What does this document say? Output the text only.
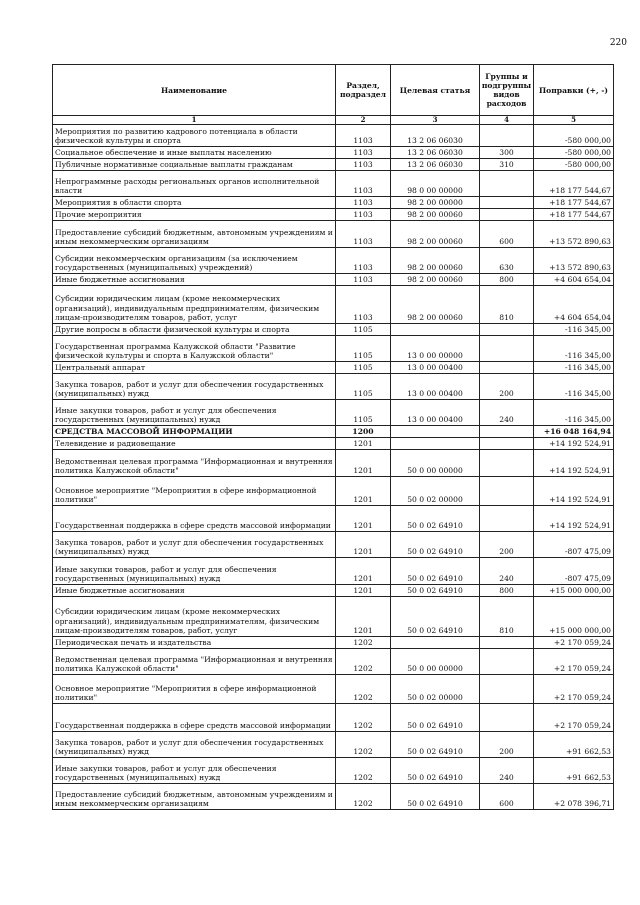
220
Наименование	Раздел, подраздел	Целевая статья	Группы и подгруппы видов расходов	Поправки (+, -)
1	2	3	4	5
Мероприятия по развитию кадрового потенциала в области физической культуры и спорта	1103	13 2 06 06030		-580 000,00
Социальное обеспечение и иные выплаты населению	1103	13 2 06 06030	300	-580 000,00
Публичные нормативные социальные выплаты гражданам	1103	13 2 06 06030	310	-580 000,00
Непрограммные расходы региональных органов исполнительной власти	1103	98 0 00 00000		+18 177 544,67
Мероприятия в области спорта	1103	98 2 00 00000		+18 177 544,67
Прочие мероприятия	1103	98 2 00 00060		+18 177 544,67
Предоставление субсидий бюджетным, автономным учреждениям и иным некоммерческим организациям	1103	98 2 00 00060	600	+13 572 890,63
Субсидии некоммерческим организациям (за исключением государственных (муниципальных) учреждений)	1103	98 2 00 00060	630	+13 572 890,63
Иные бюджетные ассигнования	1103	98 2 00 00060	800	+4 604 654,04
Субсидии юридическим лицам (кроме некоммерческих организаций), индивидуальным предпринимателям, физическим лицам-производителям товаров, работ, услуг	1103	98 2 00 00060	810	+4 604 654,04
Другие вопросы в области физической культуры и спорта	1105			-116 345,00
Государственная программа Калужской области "Развитие физической культуры и спорта в Калужской области"	1105	13 0 00 00000		-116 345,00
Центральный аппарат	1105	13 0 00 00400		-116 345,00
Закупка товаров, работ и услуг для обеспечения государственных (муниципальных) нужд	1105	13 0 00 00400	200	-116 345,00
Иные закупки товаров, работ и услуг для обеспечения государственных (муниципальных) нужд	1105	13 0 00 00400	240	-116 345,00
СРЕДСТВА МАССОВОЙ ИНФОРМАЦИИ	1200			+16 048 164,94
Телевидение и радиовещание	1201			+14 192 524,91
Ведомственная целевая программа "Информационная и внутренняя политика Калужской области"	1201	50 0 00 00000		+14 192 524,91
Основное мероприятие "Мероприятия в сфере информационной политики"	1201	50 0 02 00000		+14 192 524,91
Государственная поддержка в сфере средств массовой информации	1201	50 0 02 64910		+14 192 524,91
Закупка товаров, работ и услуг для обеспечения государственных (муниципальных) нужд	1201	50 0 02 64910	200	-807 475,09
Иные закупки товаров, работ и услуг для обеспечения государственных (муниципальных) нужд	1201	50 0 02 64910	240	-807 475,09
Иные бюджетные ассигнования	1201	50 0 02 64910	800	+15 000 000,00
Субсидии юридическим лицам (кроме некоммерческих организаций), индивидуальным предпринимателям, физическим лицам-производителям товаров, работ, услуг	1201	50 0 02 64910	810	+15 000 000,00
Периодическая печать и издательства	1202			+2 170 059,24
Ведомственная целевая программа "Информационная и внутренняя политика Калужской области"	1202	50 0 00 00000		+2 170 059,24
Основное мероприятие "Мероприятия в сфере информационной политики"	1202	50 0 02 00000		+2 170 059,24
Государственная поддержка в сфере средств массовой информации	1202	50 0 02 64910		+2 170 059,24
Закупка товаров, работ и услуг для обеспечения государственных (муниципальных) нужд	1202	50 0 02 64910	200	+91 662,53
Иные закупки товаров, работ и услуг для обеспечения государственных (муниципальных) нужд	1202	50 0 02 64910	240	+91 662,53
Предоставление субсидий бюджетным, автономным учреждениям и иным некоммерческим организациям	1202	50 0 02 64910	600	+2 078 396,71
